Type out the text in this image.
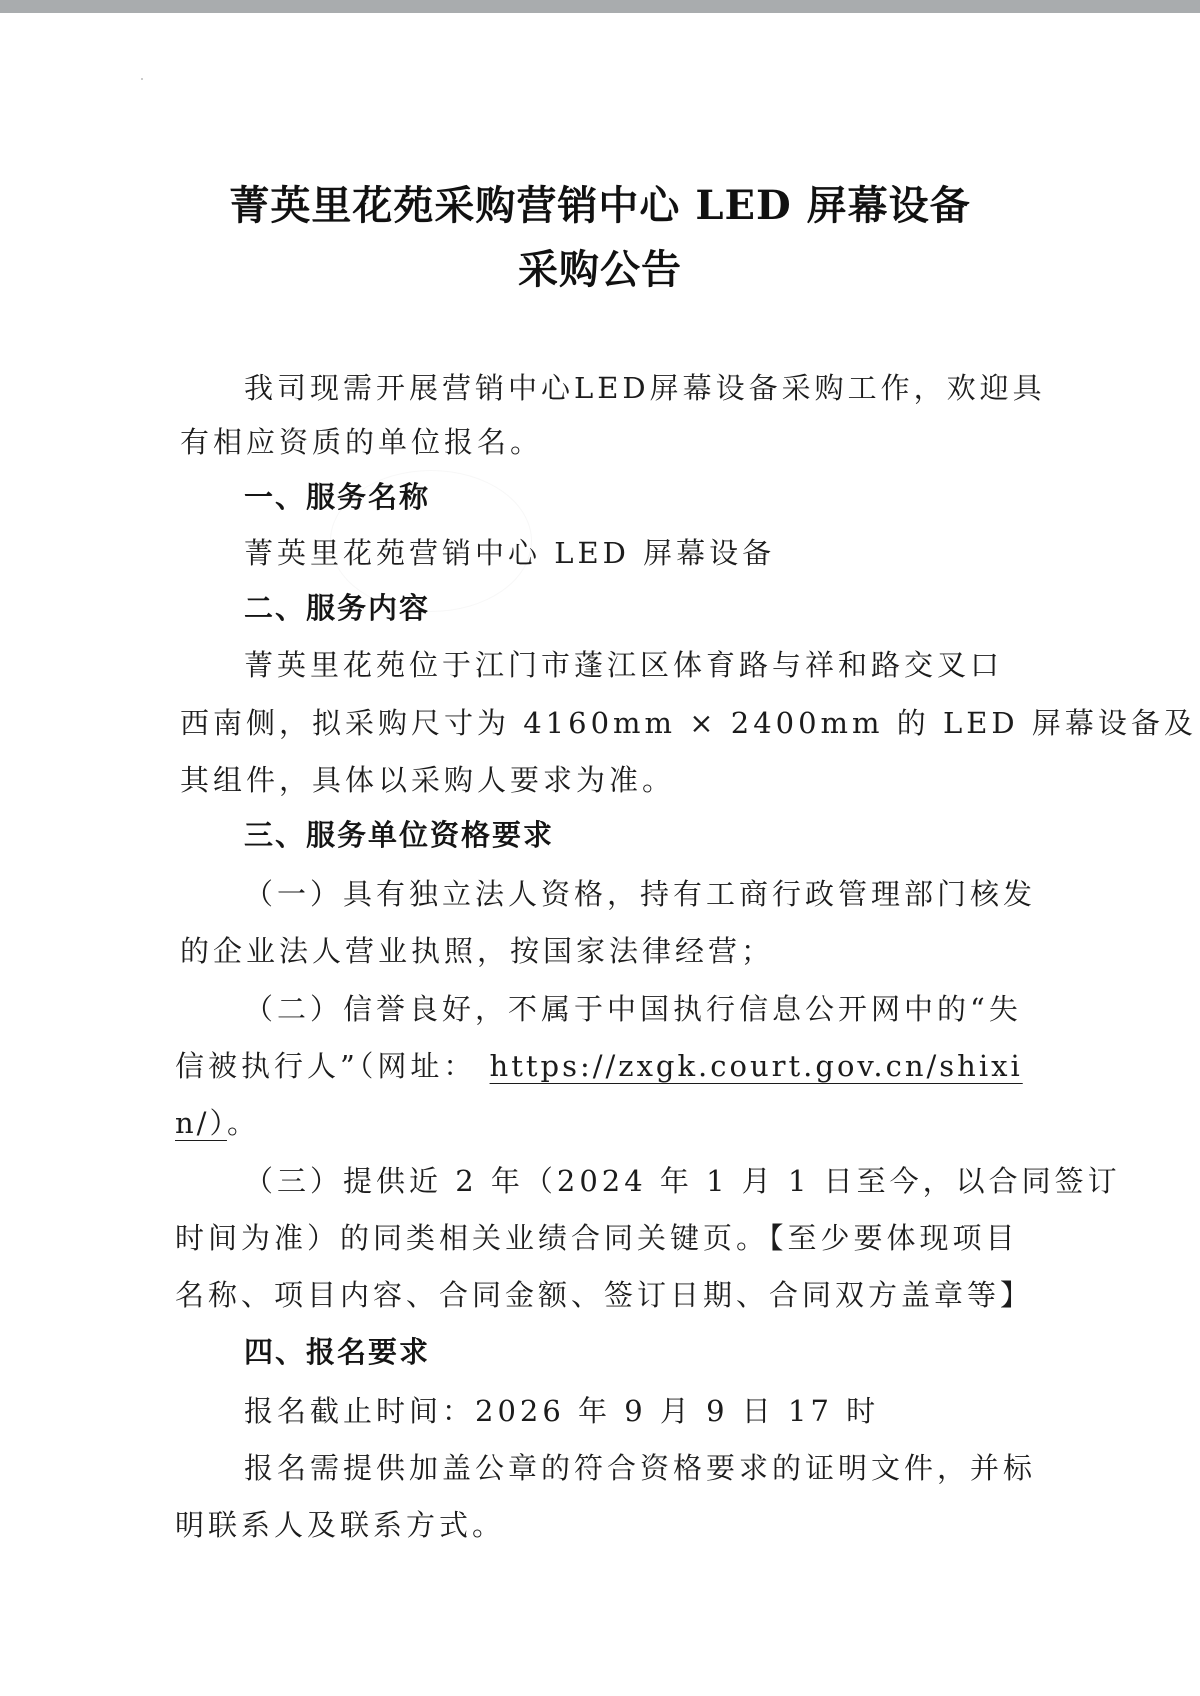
菁英里花苑采购营销中心 LED 屏幕设备
采购公告
我司现需开展营销中心LED屏幕设备采购工作，欢迎具
有相应资质的单位报名。
一、服务名称
菁英里花苑营销中心 LED 屏幕设备
二、服务内容
菁英里花苑位于江门市蓬江区体育路与祥和路交叉口
西南侧，拟采购尺寸为 4160mm × 2400mm 的 LED 屏幕设备及
其组件，具体以采购人要求为准。
三、服务单位资格要求
（一）具有独立法人资格，持有工商行政管理部门核发
的企业法人营业执照，按国家法律经营；
（二）信誉良好，不属于中国执行信息公开网中的“失
信被执行人”（网址： https://zxgk.court.gov.cn/shixi
n/）。
（三）提供近 2 年（2024 年 1 月 1 日至今，以合同签订
时间为准）的同类相关业绩合同关键页。【至少要体现项目
名称、项目内容、合同金额、签订日期、合同双方盖章等】
四、报名要求
报名截止时间：2026 年 9 月 9 日 17 时
报名需提供加盖公章的符合资格要求的证明文件，并标
明联系人及联系方式。
